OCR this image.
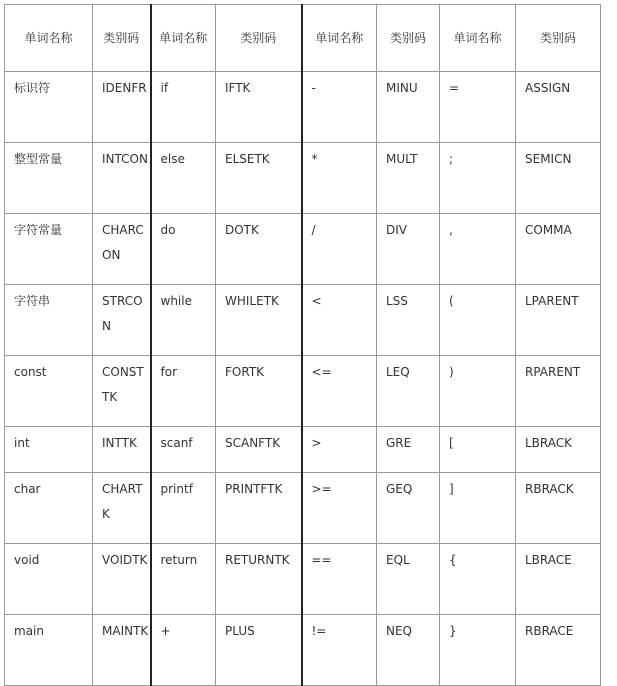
单词名称	类别码	单词名称	类别码	单词名称	类别码	单词名称	类别码
标识符	IDENFR	if	IFTK	-	MINU	=	ASSIGN
整型常量	INTCON	else	ELSETK	*	MULT	;	SEMICN
字符常量	CHARCON	do	DOTK	/	DIV	,	COMMA
字符串	STRCON	while	WHILETK	<	LSS	(	LPARENT
const	CONSTTK	for	FORTK	<=	LEQ	)	RPARENT
int	INTTK	scanf	SCANFTK	>	GRE	[	LBRACK
char	CHARTK	printf	PRINTFTK	>=	GEQ	]	RBRACK
void	VOIDTK	return	RETURNTK	==	EQL	{	LBRACE
main	MAINTK	+	PLUS	!=	NEQ	}	RBRACE
